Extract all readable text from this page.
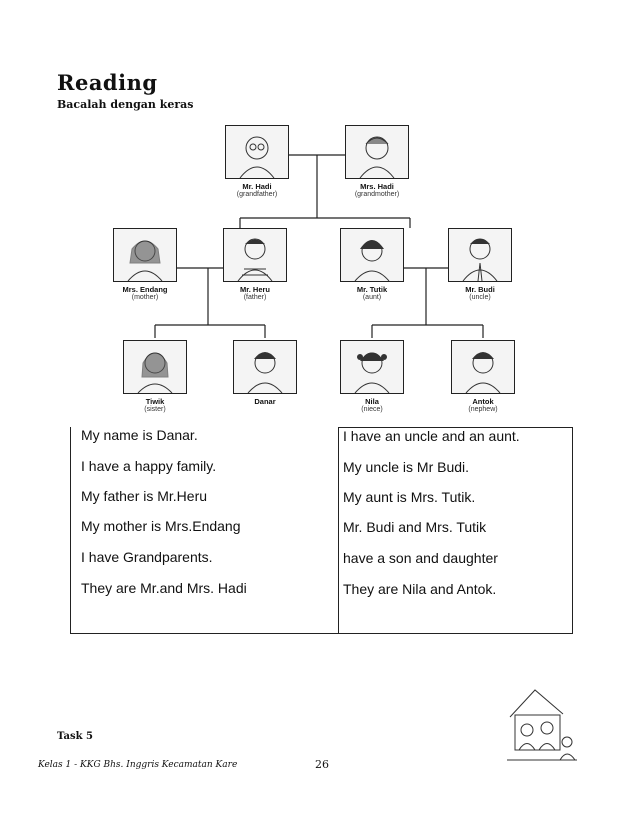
Reading
Bacalah dengan keras
Mr. Hadi
(grandfather)
Mrs. Hadi
(grandmother)
Mrs. Endang
(mother)
Mr. Heru
(father)
Mr. Tutik
(aunt)
Mr. Budi
(uncle)
Tiwik
(sister)
Danar	Nila
(niece)
Antok
(nephew)
My name is Danar.
I have a happy family.
My father is Mr.Heru
My mother is Mrs.Endang
I have Grandparents.
They are Mr.and Mrs. Hadi
I have an uncle and an aunt.
My uncle is Mr Budi.
My aunt is Mrs. Tutik.
Mr. Budi and Mrs. Tutik
have a son and daughter
They are Nila and Antok.
Task 5
Kelas 1 - KKG Bhs. Inggris Kecamatan Kare	26
